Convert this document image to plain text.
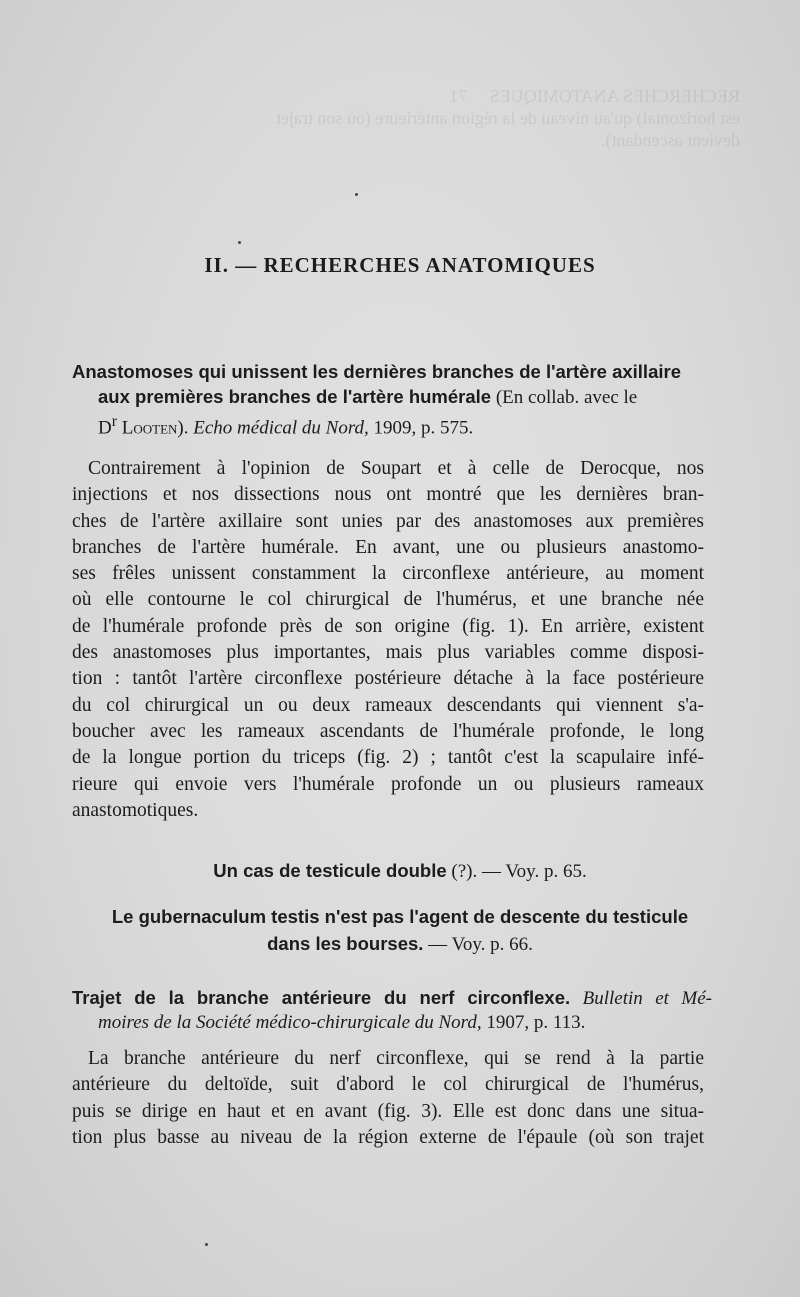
RECHERCHES ANATOMIQUES     71
est horizontal) qu'au niveau de la région antérieure (où son trajet
devient ascendant).

II. — RECHERCHES ANATOMIQUES

Anastomoses qui unissent les dernières branches de l'artère axillaire
aux premières branches de l'artère humérale (En collab. avec le
$D^r$ Looten). Echo médical du Nord, 1909, p. 575.

Contrairement à l'opinion de Soupart et à celle de Derocque, nos
injections et nos dissections nous ont montré que les dernières bran-
ches de l'artère axillaire sont unies par des anastomoses aux premières
branches de l'artère humérale. En avant, une ou plusieurs anastomo-
ses frêles unissent constamment la circonflexe antérieure, au moment
où elle contourne le col chirurgical de l'humérus, et une branche née
de l'humérale profonde près de son origine (fig. 1). En arrière, existent
des anastomoses plus importantes, mais plus variables comme disposi-
tion : tantôt l'artère circonflexe postérieure détache à la face postérieure
du col chirurgical un ou deux rameaux descendants qui viennent s'a-
boucher avec les rameaux ascendants de l'humérale profonde, le long
de la longue portion du triceps (fig. 2) ; tantôt c'est la scapulaire infé-
rieure qui envoie vers l'humérale profonde un ou plusieurs rameaux
anastomotiques.

Un cas de testicule double (?). — Voy. p. 65.

Le gubernaculum testis n'est pas l'agent de descente du testicule
dans les bourses. — Voy. p. 66.

Trajet de la branche antérieure du nerf circonflexe. Bulletin et Mé-
moires de la Société médico-chirurgicale du Nord, 1907, p. 113.

La branche antérieure du nerf circonflexe, qui se rend à la partie
antérieure du deltoïde, suit d'abord le col chirurgical de l'humérus,
puis se dirige en haut et en avant (fig. 3). Elle est donc dans une situa-
tion plus basse au niveau de la région externe de l'épaule (où son trajet
